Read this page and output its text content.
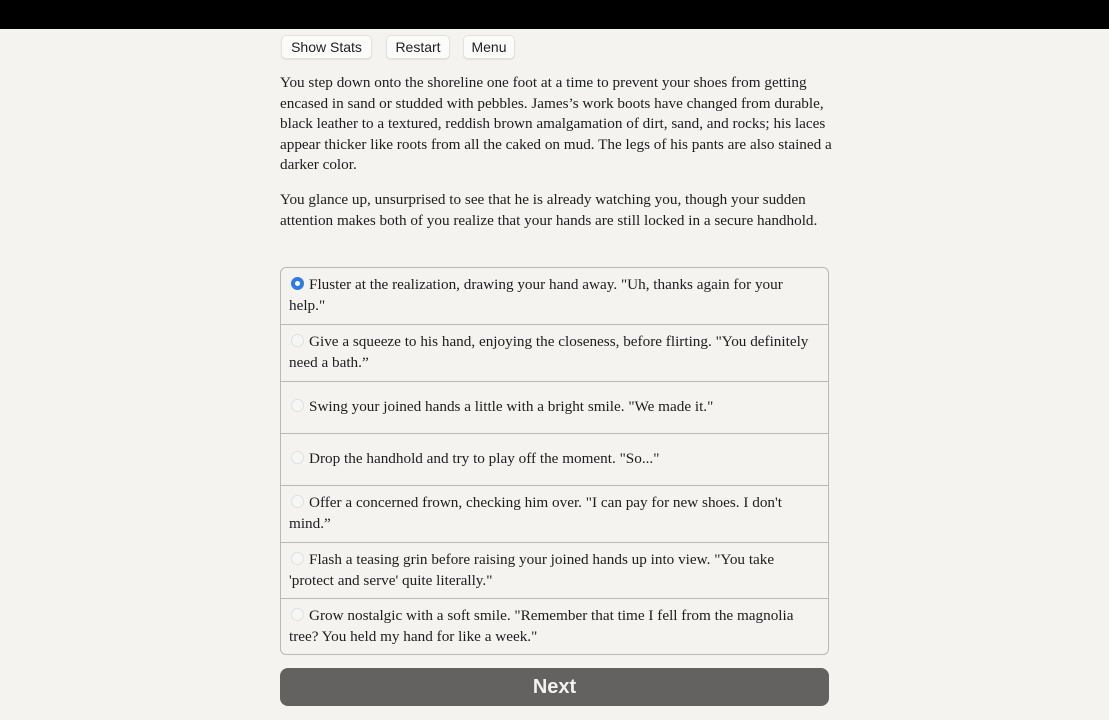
Show Stats	Restart	Menu

You step down onto the shoreline one foot at a time to prevent your shoes from getting encased in sand or studded with pebbles. James’s work boots have changed from durable, black leather to a textured, reddish brown amalgamation of dirt, sand, and rocks; his laces appear thicker like roots from all the caked on mud. The legs of his pants are also stained a darker color.

You glance up, unsurprised to see that he is already watching you, though your sudden attention makes both of you realize that your hands are still locked in a secure handhold.

Fluster at the realization, drawing your hand away. "Uh, thanks again for your help."
Give a squeeze to his hand, enjoying the closeness, before flirting. "You definitely need a bath.”
Swing your joined hands a little with a bright smile. "We made it."
Drop the handhold and try to play off the moment. "So..."
Offer a concerned frown, checking him over. "I can pay for new shoes. I don't mind.”
Flash a teasing grin before raising your joined hands up into view. "You take 'protect and serve' quite literally."
Grow nostalgic with a soft smile. "Remember that time I fell from the magnolia tree? You held my hand for like a week."
Next
